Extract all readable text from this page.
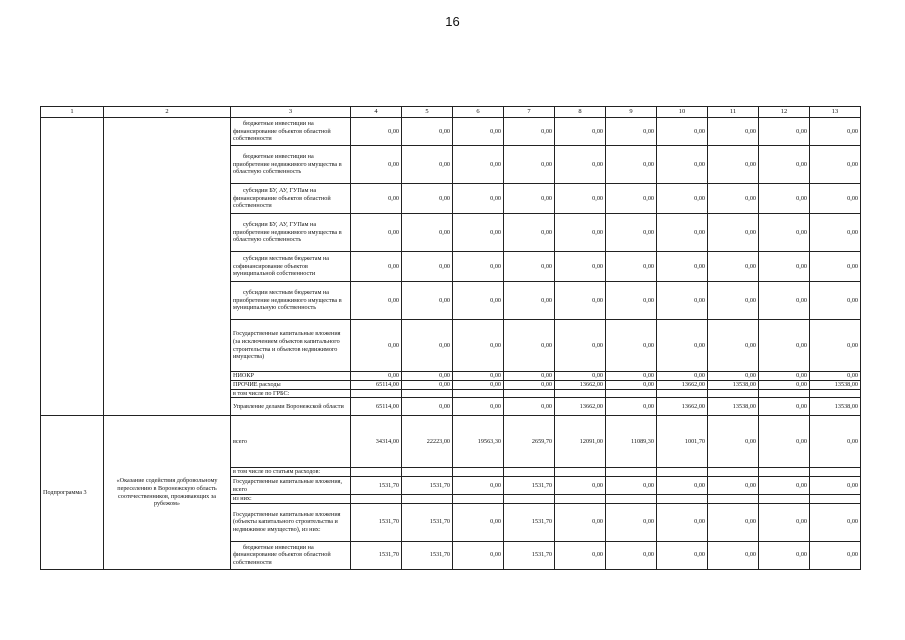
16
1	2	3	4	5	6	7	8	9	10	11	12	13
		бюджетные инвестиции на финансирование объектов областной собственности	0,00	0,00	0,00	0,00	0,00	0,00	0,00	0,00	0,00	0,00
		бюджетные инвестиции на приобретение недвижимого имущества в областную собственность	0,00	0,00	0,00	0,00	0,00	0,00	0,00	0,00	0,00	0,00
		субсидии БУ, АУ, ГУПам на финансирование объектов областной собственности	0,00	0,00	0,00	0,00	0,00	0,00	0,00	0,00	0,00	0,00
		субсидии БУ, АУ, ГУПам на приобретение недвижимого имущества в областную собственность	0,00	0,00	0,00	0,00	0,00	0,00	0,00	0,00	0,00	0,00
		субсидии местным бюджетам на софинансирование объектов муниципальной собственности	0,00	0,00	0,00	0,00	0,00	0,00	0,00	0,00	0,00	0,00
		субсидии местным бюджетам на приобретение недвижимого имущества в муниципальную собственность	0,00	0,00	0,00	0,00	0,00	0,00	0,00	0,00	0,00	0,00
		Государственные капитальные вложения (за исключением объектов капитального строительства и объектов недвижимого имущества)	0,00	0,00	0,00	0,00	0,00	0,00	0,00	0,00	0,00	0,00
		НИОКР	0,00	0,00	0,00	0,00	0,00	0,00	0,00	0,00	0,00	0,00
		ПРОЧИЕ расходы	65114,00	0,00	0,00	0,00	13662,00	0,00	13662,00	13538,00	0,00	13538,00
		в том числе по ГРБС:										
		Управление делами Воронежской области	65114,00	0,00	0,00	0,00	13662,00	0,00	13662,00	13538,00	0,00	13538,00
Подпрограмма 3	«Оказание содействия добровольному переселению в Воронежскую область соотечественников, проживающих за рубежом»	всего	34314,00	22223,00	19563,30	2659,70	12091,00	11089,30	1001,70	0,00	0,00	0,00
		в том числе по статьям расходов:										
		Государственные капитальные вложения, всего	1531,70	1531,70	0,00	1531,70	0,00	0,00	0,00	0,00	0,00	0,00
		из них:										
		Государственные капитальные вложения (объекты капитального строительства и недвижимое имущество), из них:	1531,70	1531,70	0,00	1531,70	0,00	0,00	0,00	0,00	0,00	0,00
		бюджетные инвестиции на финансирование объектов областной собственности	1531,70	1531,70	0,00	1531,70	0,00	0,00	0,00	0,00	0,00	0,00
